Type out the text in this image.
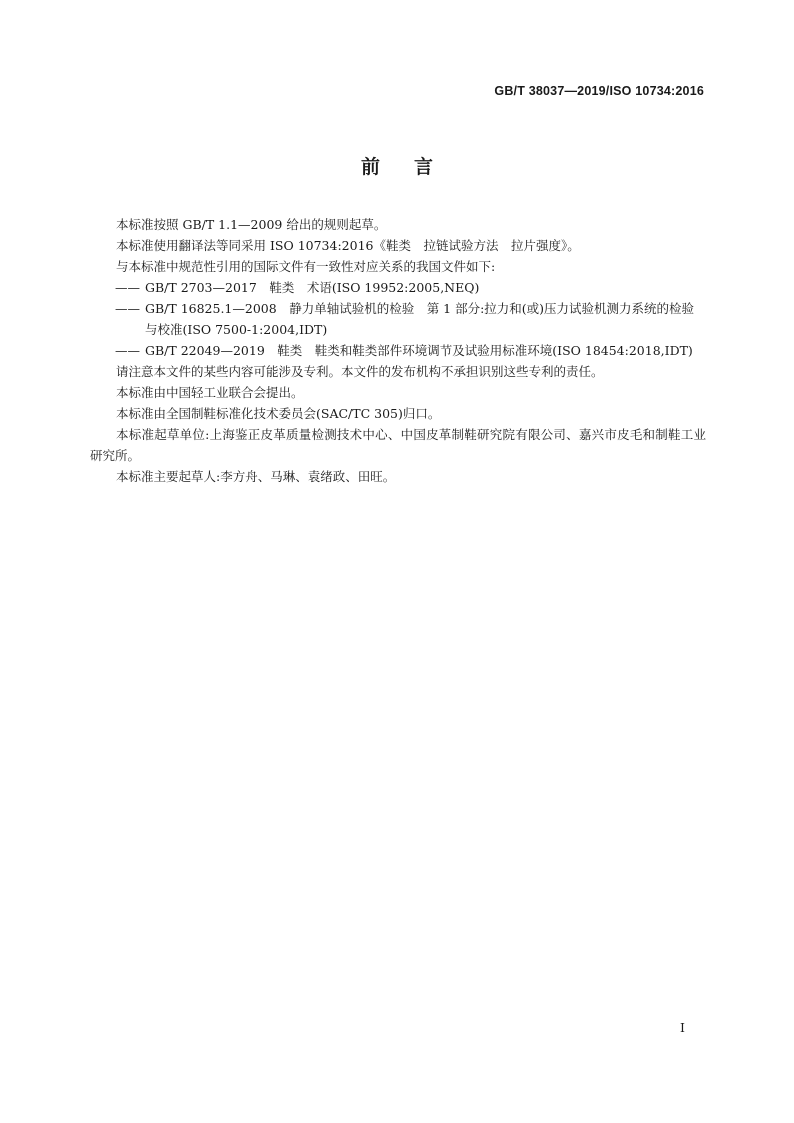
GB/T 38037—2019/ISO 10734:2016
前言

本标准按照 GB/T 1.1—2009 给出的规则起草。

本标准使用翻译法等同采用 ISO 10734:2016《鞋类　拉链试验方法　拉片强度》。

与本标准中规范性引用的国际文件有一致性对应关系的我国文件如下:

—— GB/T 2703—2017　鞋类　术语(ISO 19952:2005,NEQ)

—— GB/T 16825.1—2008　静力单轴试验机的检验　第 1 部分:拉力和(或)压力试验机测力系统的检验与校准(ISO 7500-1:2004,IDT)

—— GB/T 22049—2019　鞋类　鞋类和鞋类部件环境调节及试验用标准环境(ISO 18454:2018,IDT)

请注意本文件的某些内容可能涉及专利。本文件的发布机构不承担识别这些专利的责任。

本标准由中国轻工业联合会提出。

本标准由全国制鞋标准化技术委员会(SAC/TC 305)归口。

本标准起草单位:上海鉴正皮革质量检测技术中心、中国皮革制鞋研究院有限公司、嘉兴市皮毛和制鞋工业研究所。

本标准主要起草人:李方舟、马琳、袁绪政、田旺。

I
